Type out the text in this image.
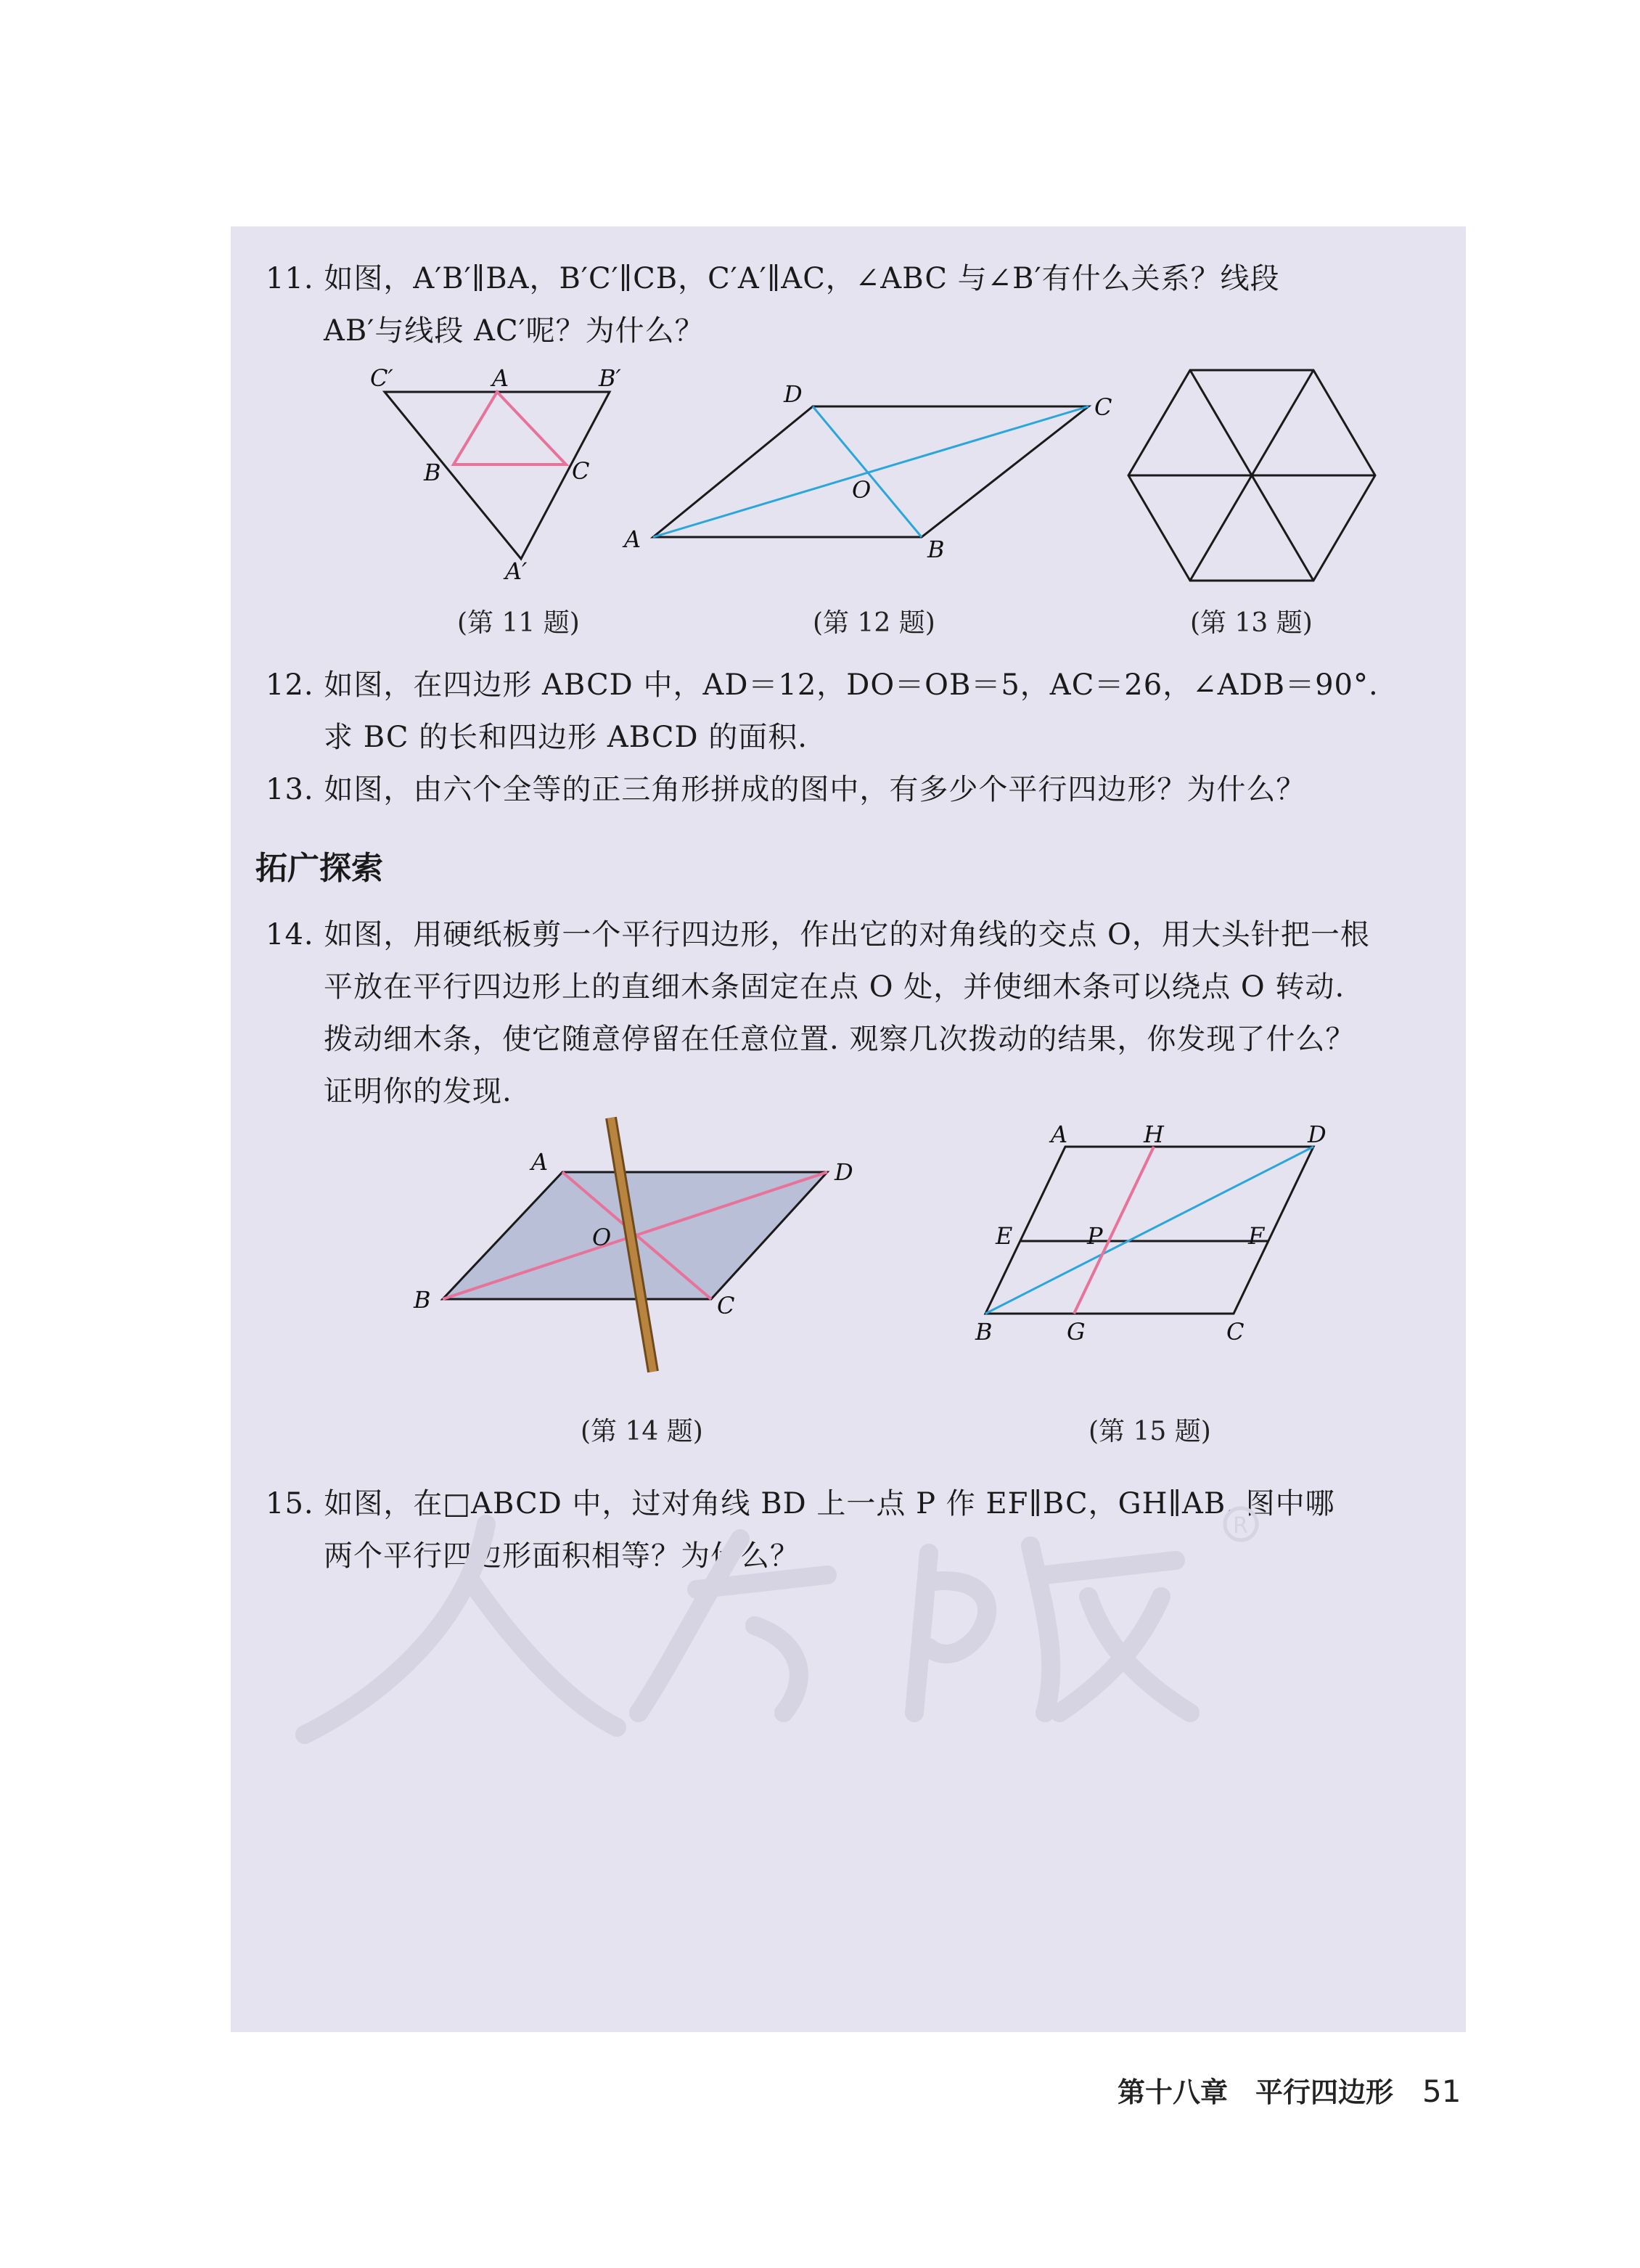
11. 如图，A′B′∥BA，B′C′∥CB，C′A′∥AC，∠ABC 与∠B′有什么关系？线段
AB′与线段 AC′呢？为什么？
C′	A	B′
B	C
A′
(第 11 题)
D	C
O
A	B
(第 12 题)	(第 13 题)
12. 如图，在四边形 ABCD 中，AD＝12，DO＝OB＝5，AC＝26，∠ADB＝90°.
求 BC 的长和四边形 ABCD 的面积.
13. 如图，由六个全等的正三角形拼成的图中，有多少个平行四边形？为什么？
拓广探索
14. 如图，用硬纸板剪一个平行四边形，作出它的对角线的交点 O，用大头针把一根
平放在平行四边形上的直细木条固定在点 O 处，并使细木条可以绕点 O 转动.
拨动细木条，使它随意停留在任意位置. 观察几次拨动的结果，你发现了什么？
证明你的发现.
A	D
O
B	C
(第 14 题)
A	H	D
E	P	F
B	G	C
(第 15 题)
15. 如图，在□ABCD 中，过对角线 BD 上一点 P 作 EF∥BC，GH∥AB. 图中哪
两个平行四边形面积相等？为什么？
R
第十八章　平行四边形 51
